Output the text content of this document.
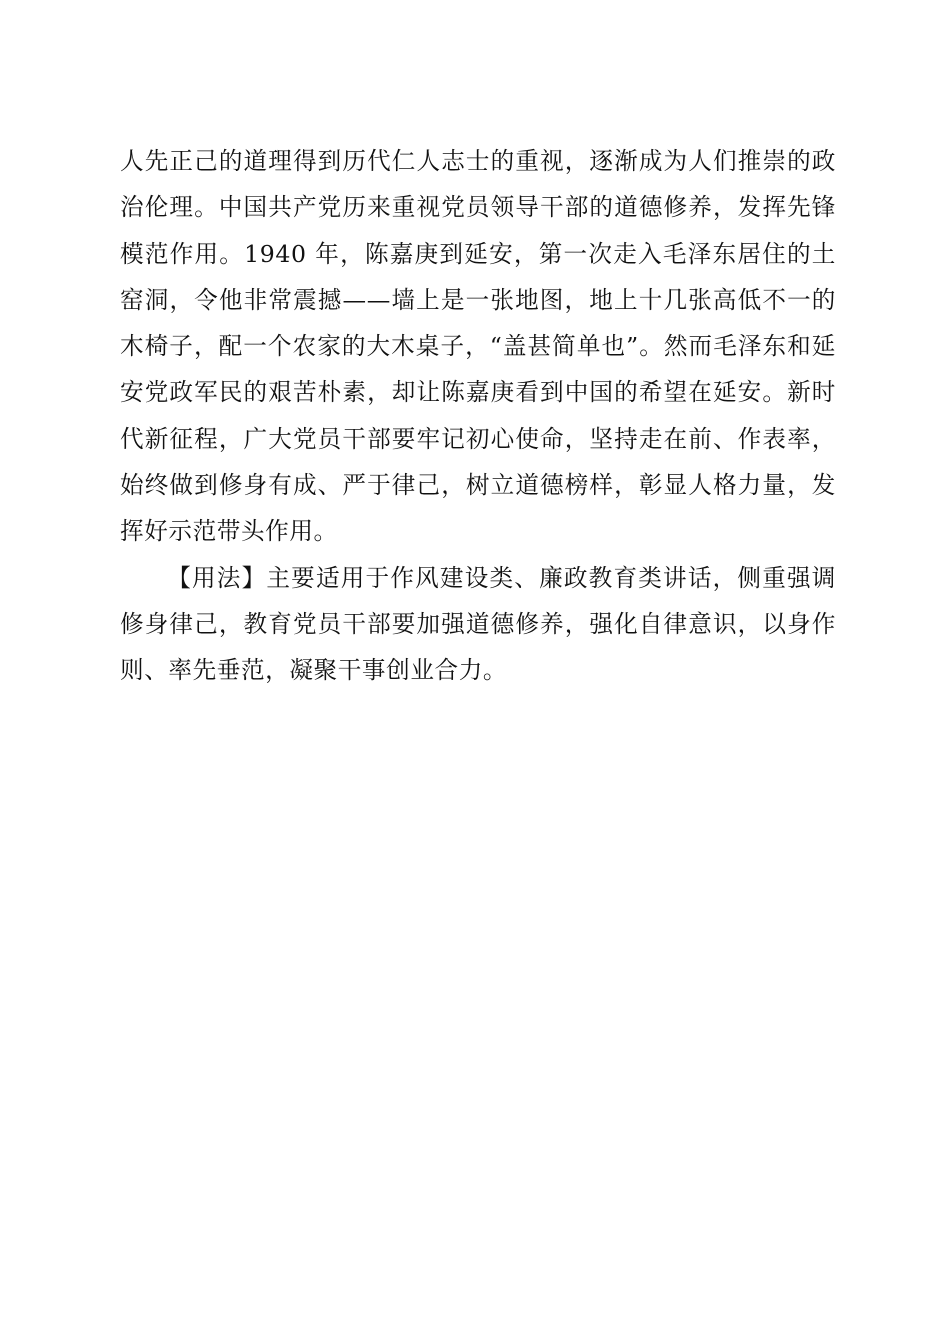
人先正己的道理得到历代仁人志士的重视，逐渐成为人们推崇的政治伦理。中国共产党历来重视党员领导干部的道德修养，发挥先锋模范作用。1940 年，陈嘉庚到延安，第一次走入毛泽东居住的土窑洞，令他非常震撼——墙上是一张地图，地上十几张高低不一的木椅子，配一个农家的大木桌子，“盖甚简单也”。然而毛泽东和延安党政军民的艰苦朴素，却让陈嘉庚看到中国的希望在延安。新时代新征程，广大党员干部要牢记初心使命，坚持走在前、作表率，始终做到修身有成、严于律己，树立道德榜样，彰显人格力量，发挥好示范带头作用。

【用法】主要适用于作风建设类、廉政教育类讲话，侧重强调修身律己，教育党员干部要加强道德修养，强化自律意识，以身作则、率先垂范，凝聚干事创业合力。
